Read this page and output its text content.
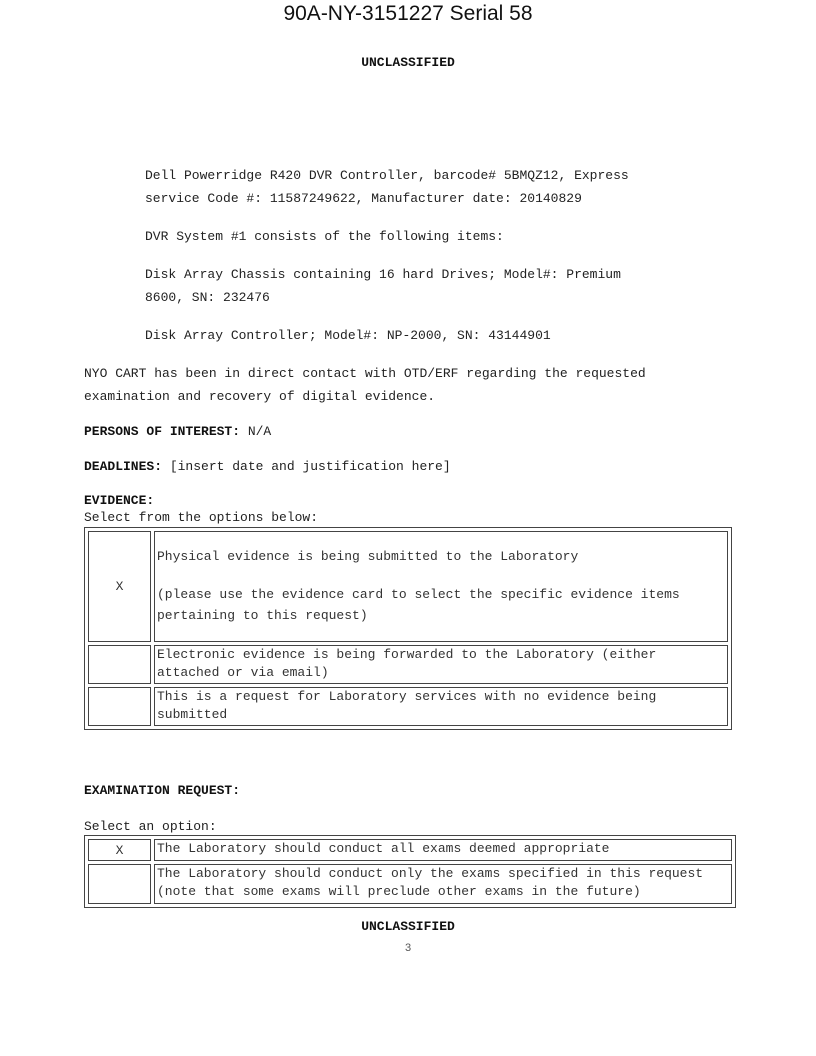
90A-NY-3151227 Serial 58
UNCLASSIFIED
Dell Powerridge R420 DVR Controller, barcode# 5BMQZ12, Express
service Code #: 11587249622, Manufacturer date: 20140829
DVR System #1 consists of the following items:
Disk Array Chassis containing 16 hard Drives; Model#: Premium
8600, SN: 232476
Disk Array Controller; Model#: NP-2000, SN: 43144901
NYO CART has been in direct contact with OTD/ERF regarding the requested
examination and recovery of digital evidence.
PERSONS OF INTEREST: N/A
DEADLINES: [insert date and justification here]
EVIDENCE:
Select from the options below:
X	Physical evidence is being submitted to the Laboratory
(please use the evidence card to select the specific evidence items
pertaining to this request)

	Electronic evidence is being forwarded to the Laboratory (either
attached or via email)
	This is a request for Laboratory services with no evidence being
submitted
EXAMINATION REQUEST:
Select an option:
X	The Laboratory should conduct all exams deemed appropriate
	The Laboratory should conduct only the exams specified in this request
(note that some exams will preclude other exams in the future)
UNCLASSIFIED
3
